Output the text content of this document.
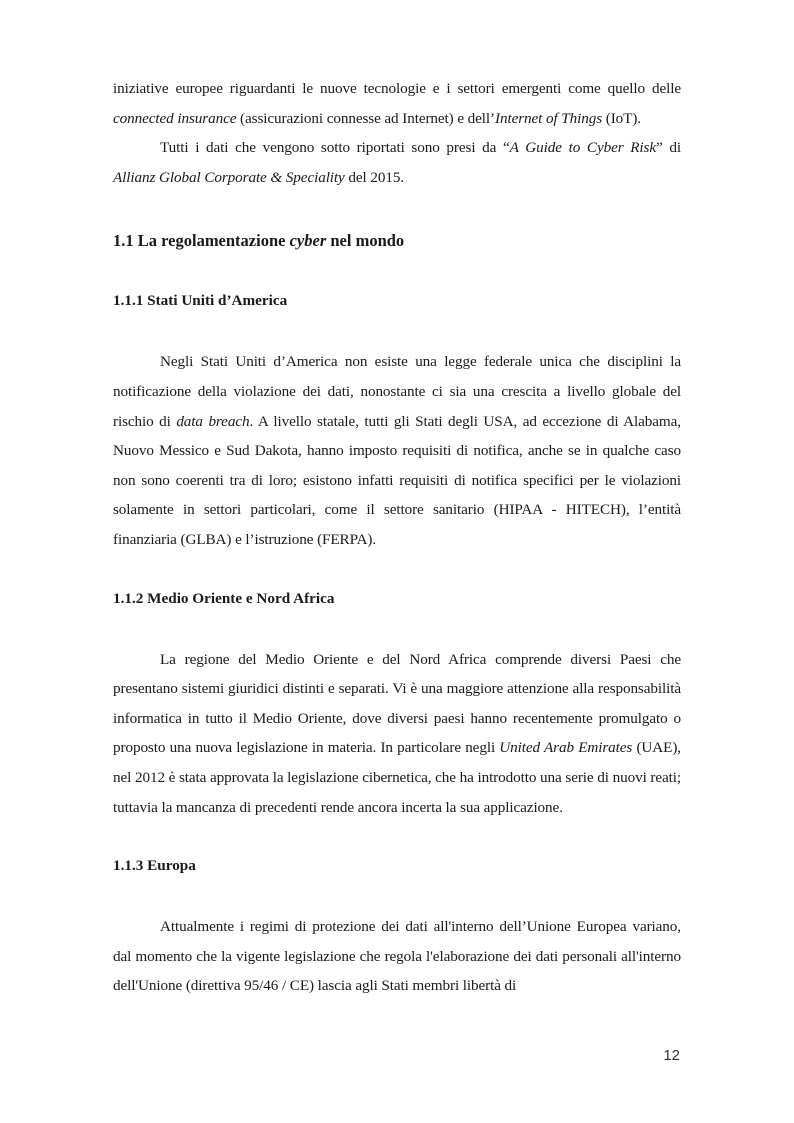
iniziative europee riguardanti le nuove tecnologie e i settori emergenti come quello delle connected insurance (assicurazioni connesse ad Internet) e dell’Internet of Things (IoT).

Tutti i dati che vengono sotto riportati sono presi da “A Guide to Cyber Risk” di Allianz Global Corporate & Speciality del 2015.

1.1 La regolamentazione cyber nel mondo
1.1.1 Stati Uniti d’America

Negli Stati Uniti d’America non esiste una legge federale unica che disciplini la notificazione della violazione dei dati, nonostante ci sia una crescita a livello globale del rischio di data breach. A livello statale, tutti gli Stati degli USA, ad eccezione di Alabama, Nuovo Messico e Sud Dakota, hanno imposto requisiti di notifica, anche se in qualche caso non sono coerenti tra di loro; esistono infatti requisiti di notifica specifici per le violazioni solamente in settori particolari, come il settore sanitario (HIPAA - HITECH), l’entità finanziaria (GLBA) e l’istruzione (FERPA).

1.1.2 Medio Oriente e Nord Africa

La regione del Medio Oriente e del Nord Africa comprende diversi Paesi che presentano sistemi giuridici distinti e separati. Vi è una maggiore attenzione alla responsabilità informatica in tutto il Medio Oriente, dove diversi paesi hanno recentemente promulgato o proposto una nuova legislazione in materia. In particolare negli United Arab Emirates (UAE), nel 2012 è stata approvata la legislazione cibernetica, che ha introdotto una serie di nuovi reati; tuttavia la mancanza di precedenti rende ancora incerta la sua applicazione.

1.1.3 Europa

Attualmente i regimi di protezione dei dati all'interno dell’Unione Europea variano, dal momento che la vigente legislazione che regola l'elaborazione dei dati personali all'interno dell'Unione (direttiva 95/46 / CE) lascia agli Stati membri libertà di

12
